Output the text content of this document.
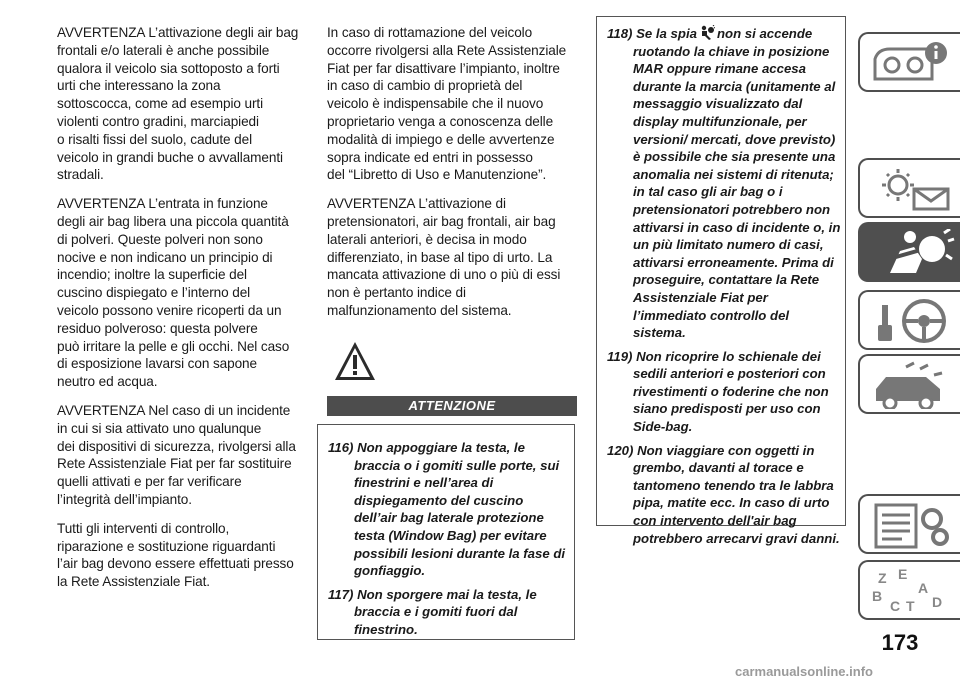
AVVERTENZA L’attivazione degli air bag
frontali e/o laterali è anche possibile
qualora il veicolo sia sottoposto a forti
urti che interessano la zona
sottoscocca, come ad esempio urti
violenti contro gradini, marciapiedi
o risalti fissi del suolo, cadute del
veicolo in grandi buche o avvallamenti
stradali.

AVVERTENZA L’entrata in funzione
degli air bag libera una piccola quantità
di polveri. Queste polveri non sono
nocive e non indicano un principio di
incendio; inoltre la superficie del
cuscino dispiegato e l’interno del
veicolo possono venire ricoperti da un
residuo polveroso: questa polvere
può irritare la pelle e gli occhi. Nel caso
di esposizione lavarsi con sapone
neutro ed acqua.

AVVERTENZA Nel caso di un incidente
in cui si sia attivato uno qualunque
dei dispositivi di sicurezza, rivolgersi alla
Rete Assistenziale Fiat per far sostituire
quelli attivati e per far verificare
l’integrità dell’impianto.

Tutti gli interventi di controllo,
riparazione e sostituzione riguardanti
l’air bag devono essere effettuati presso
la Rete Assistenziale Fiat.

In caso di rottamazione del veicolo
occorre rivolgersi alla Rete Assistenziale
Fiat per far disattivare l’impianto, inoltre
in caso di cambio di proprietà del
veicolo è indispensabile che il nuovo
proprietario venga a conoscenza delle
modalità di impiego e delle avvertenze
sopra indicate ed entri in possesso
del “Libretto di Uso e Manutenzione”.

AVVERTENZA L’attivazione di
pretensionatori, air bag frontali, air bag
laterali anteriori, è decisa in modo
differenziato, in base al tipo di urto. La
mancata attivazione di uno o più di essi
non è pertanto indice di
malfunzionamento del sistema.

ATTENZIONE
116) Non appoggiare la testa, le braccia o i gomiti sulle porte, sui finestrini e nell’area di dispiegamento del cuscino dell’air bag laterale protezione testa (Window Bag) per evitare possibili lesioni durante la fase di gonfiaggio.
117) Non sporgere mai la testa, le braccia e i gomiti fuori dal finestrino.
118) Se la spia non si accende ruotando la chiave in posizione MAR oppure rimane accesa durante la marcia (unitamente al messaggio visualizzato dal display multifunzionale, per versioni/ mercati, dove previsto) è possibile che sia presente una anomalia nei sistemi di ritenuta; in tal caso gli air bag o i pretensionatori potrebbero non attivarsi in caso di incidente o, in un più limitato numero di casi, attivarsi erroneamente. Prima di proseguire, contattare la Rete Assistenziale Fiat per l’immediato controllo del sistema.
119) Non ricoprire lo schienale dei sedili anteriori e posteriori con rivestimenti o foderine che non siano predisposti per uso con Side-bag.
120) Non viaggiare con oggetti in grembo, davanti al torace e tantomeno tenendo tra le labbra pipa, matite ecc. In caso di urto con intervento dell'air bag potrebbero arrecarvi gravi danni.
Z E
A
B
C T D
173
carmanualsonline.info
